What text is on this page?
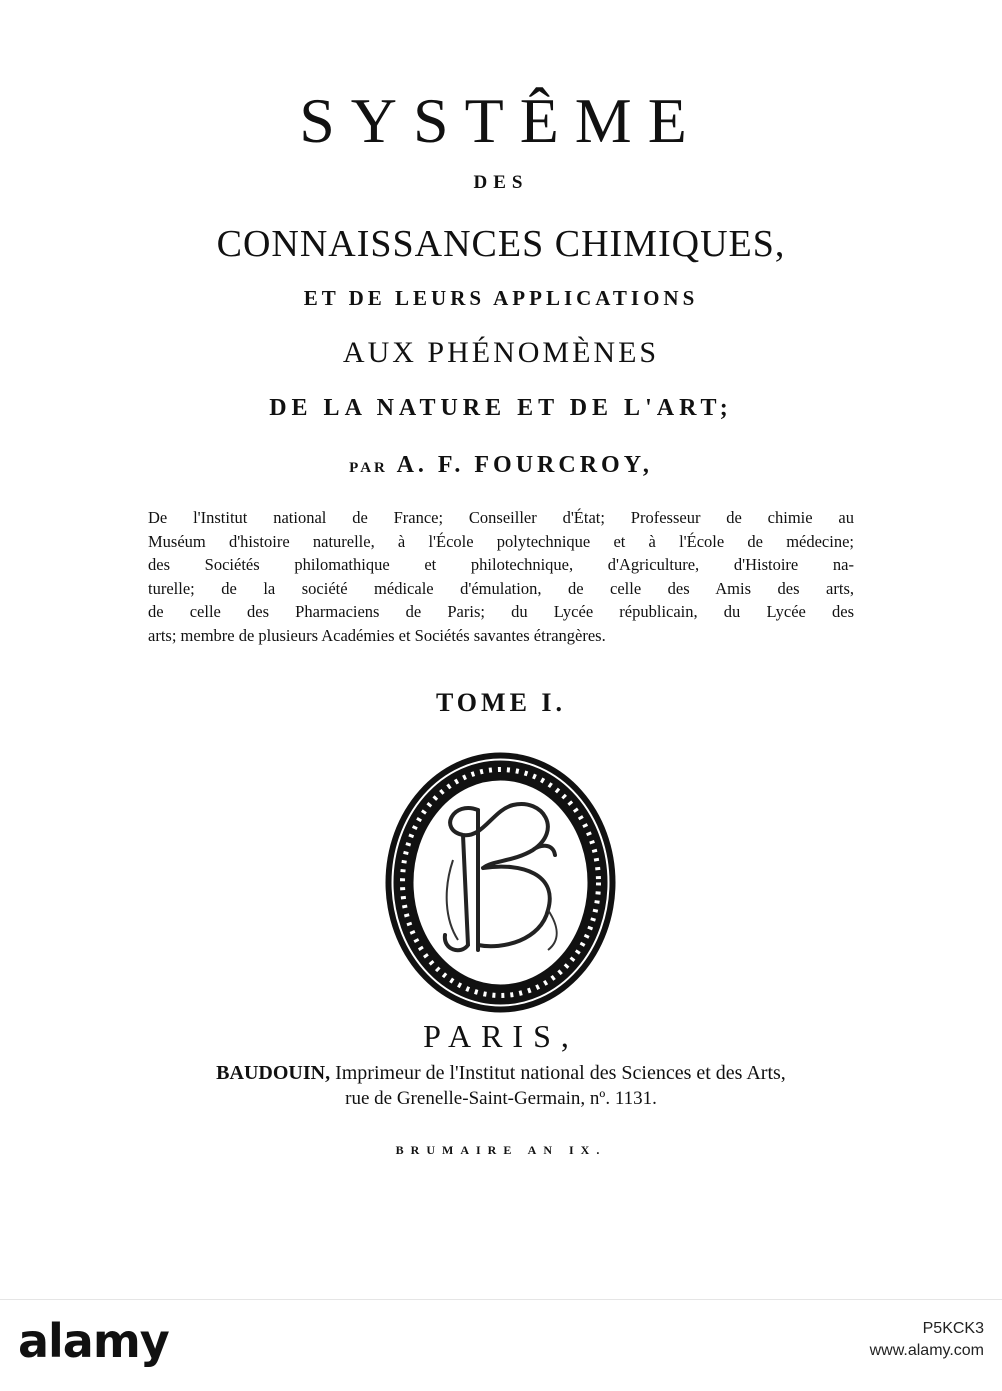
SYSTÊME
DES
CONNAISSANCES CHIMIQUES,
ET DE LEURS APPLICATIONS
AUX PHÉNOMÈNES
DE LA NATURE ET DE L'ART;
PAR A. F. FOURCROY,
De l'Institut national de France; Conseiller d'État; Professeur de chimie au
Muséum d'histoire naturelle, à l'École polytechnique et à l'École de médecine;
des Sociétés philomathique et philotechnique, d'Agriculture, d'Histoire na-
turelle; de la société médicale d'émulation, de celle des Amis des arts,
de celle des Pharmaciens de Paris; du Lycée républicain, du Lycée des
arts; membre de plusieurs Académies et Sociétés savantes étrangères.
TOME I.
PARIS,
BAUDOUIN, Imprimeur de l'Institut national des Sciences et des Arts,
rue de Grenelle-Saint-Germain, nº. 1131.
BRUMAIRE AN IX.
alamy	P5KCK3
www.alamy.com
